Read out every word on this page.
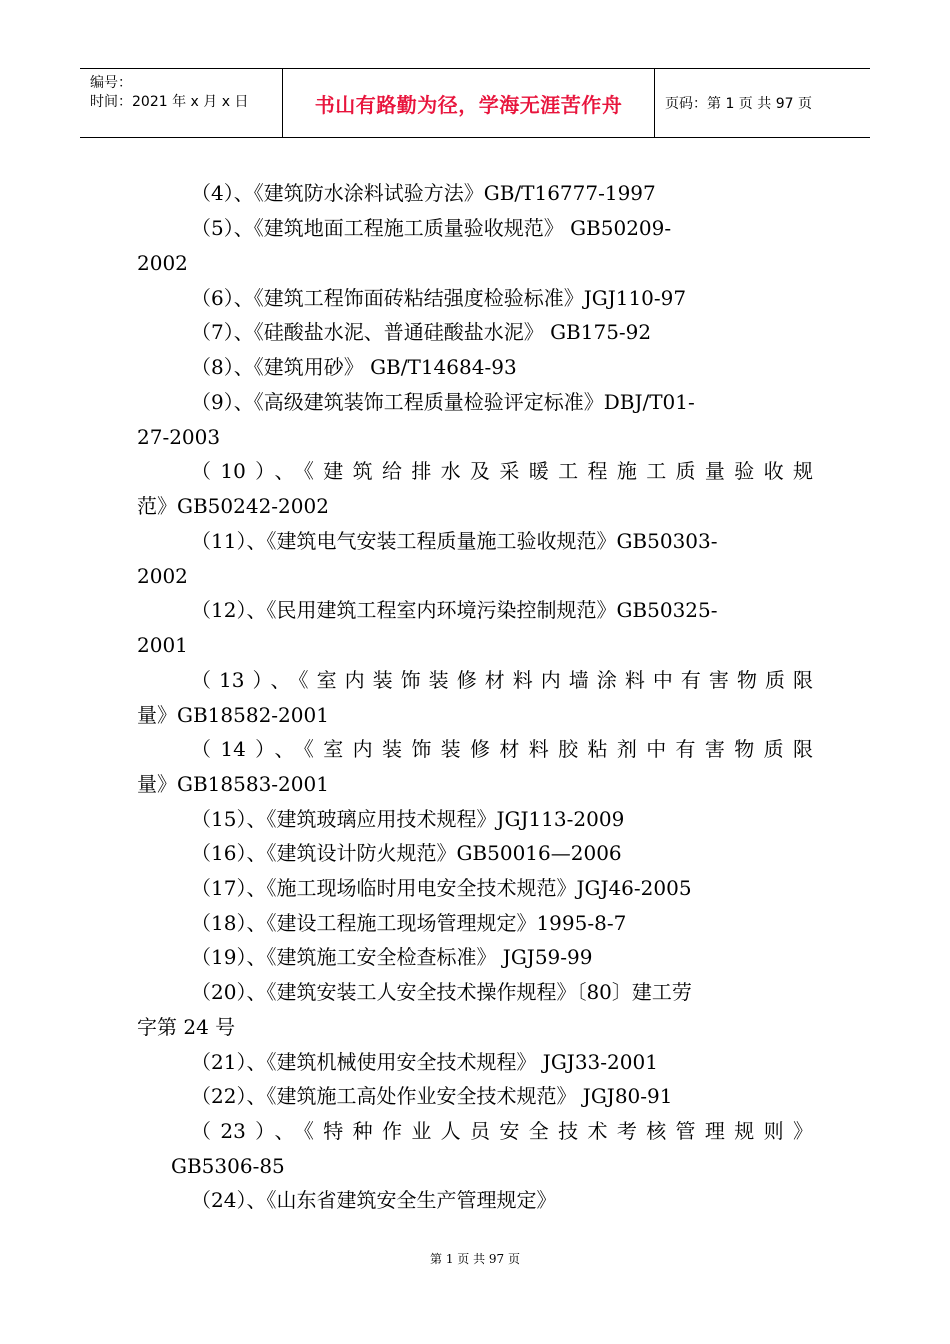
编号：
时间：2021 年 x 月 x 日	书山有路勤为径，学海无涯苦作舟	页码：第 1 页 共 97 页
（4）、《建筑防水涂料试验方法》GB/T16777-1997
（5）、《建筑地面工程施工质量验收规范》 GB50209-
2002
（6）、《建筑工程饰面砖粘结强度检验标准》JGJ110-97
（7）、《硅酸盐水泥、普通硅酸盐水泥》 GB175-92
（8）、《建筑用砂》 GB/T14684-93
（9）、《高级建筑装饰工程质量检验评定标准》DBJ/T01-
27-2003
（10）、《建筑给排水及采暖工程施工质量验收规
范》GB50242-2002
（11）、《建筑电气安装工程质量施工验收规范》GB50303-
2002
（12）、《民用建筑工程室内环境污染控制规范》GB50325-
2001
（13）、《室内装饰装修材料内墙涂料中有害物质限
量》GB18582-2001
（14）、《室内装饰装修材料胶粘剂中有害物质限
量》GB18583-2001
（15）、《建筑玻璃应用技术规程》JGJ113-2009
（16）、《建筑设计防火规范》GB50016—2006
（17）、《施工现场临时用电安全技术规范》JGJ46-2005
（18）、《建设工程施工现场管理规定》1995-8-7
（19）、《建筑施工安全检查标准》 JGJ59-99
（20）、《建筑安装工人安全技术操作规程》〔80〕建工劳
字第 24 号
（21）、《建筑机械使用安全技术规程》 JGJ33-2001
（22）、《建筑施工高处作业安全技术规范》 JGJ80-91
（23）、《特种作业人员安全技术考核管理规则》
GB5306-85
（24）、《山东省建筑安全生产管理规定》
第 1 页 共 97 页
